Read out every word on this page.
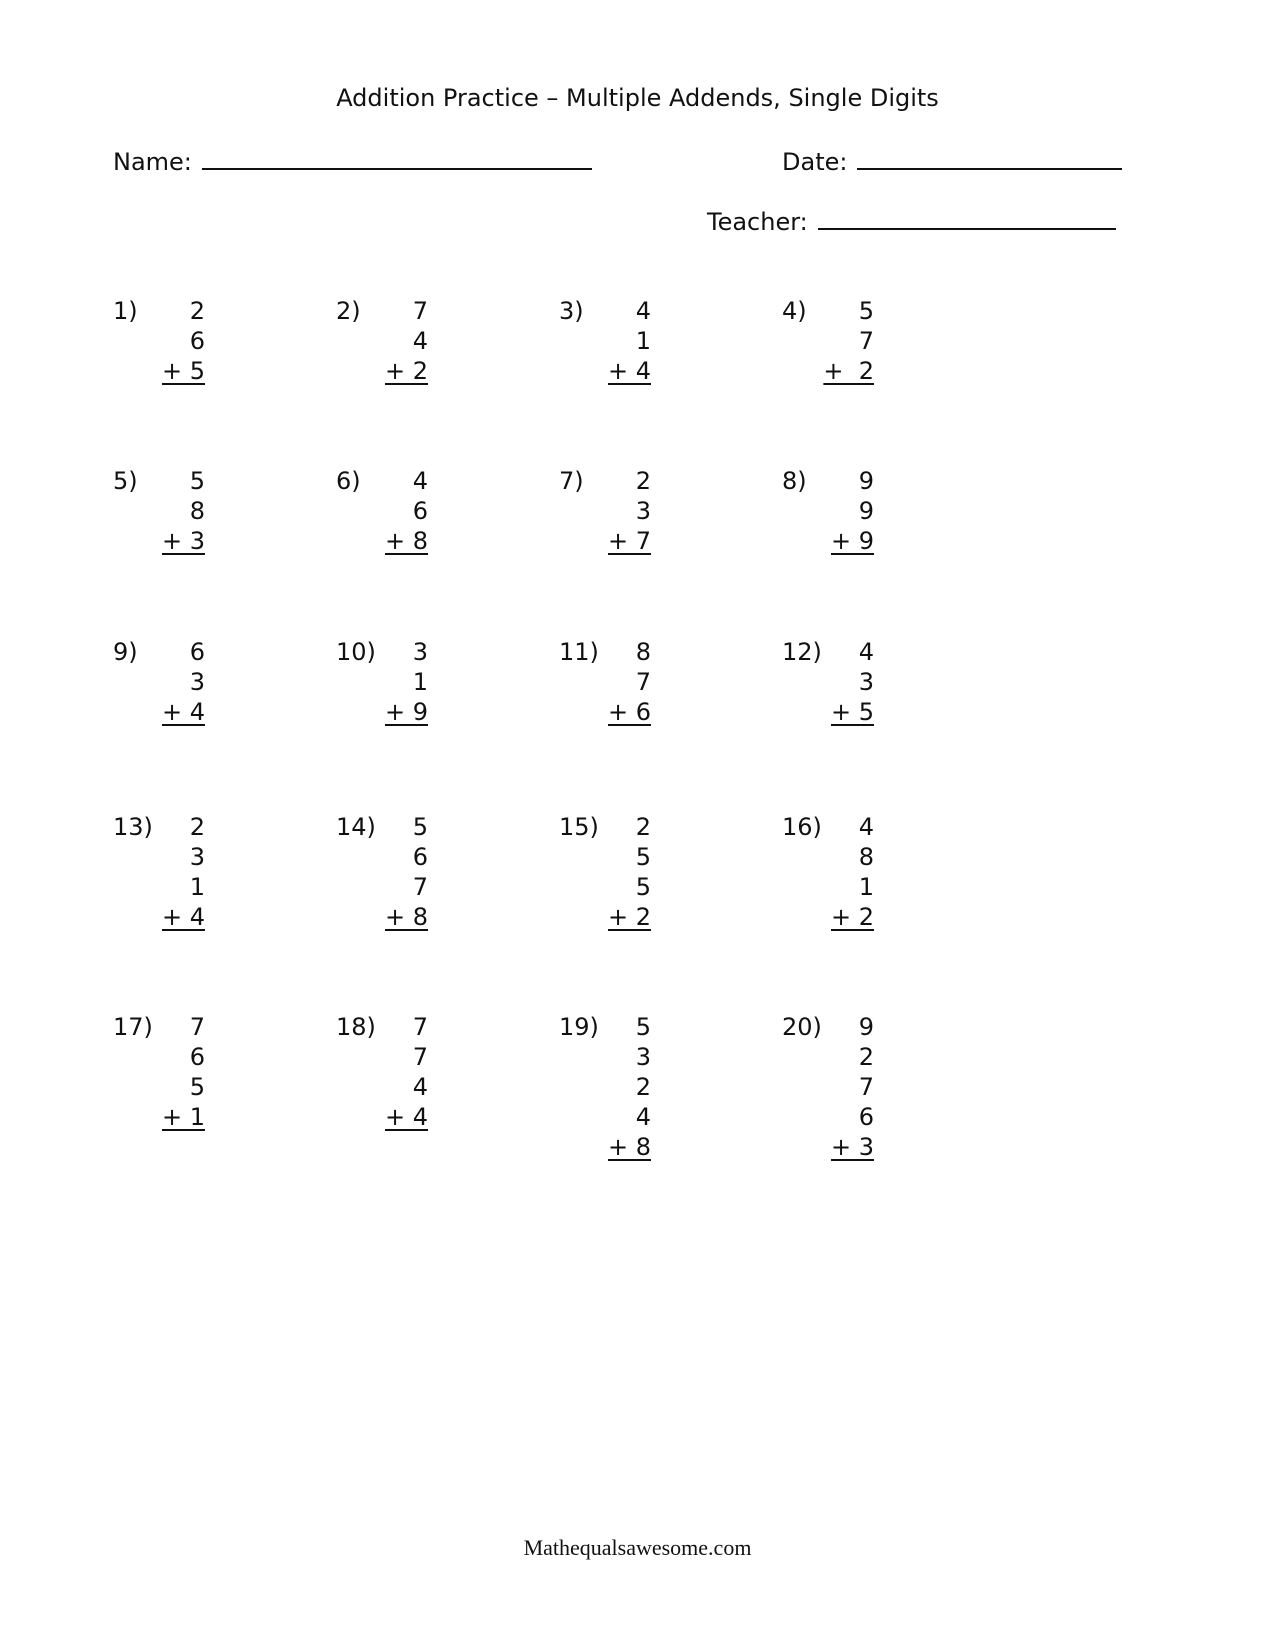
Addition Practice – Multiple Addends, Single Digits
Name:	Date:
Teacher:
1)	2
6
+ 5
2)	7
4
+ 2
3)	4
1
+ 4
4)	5
7
+  2
5)	5
8
+ 3
6)	4
6
+ 8
7)	2
3
+ 7
8)	9
9
+ 9
9)	6
3
+ 4
10)	3
1
+ 9
11)	8
7
+ 6
12)	4
3
+ 5
13)	2
3
1
+ 4
14)	5
6
7
+ 8
15)	2
5
5
+ 2
16)	4
8
1
+ 2
17)	7
6
5
+ 1
18)	7
7
4
+ 4
19)	5
3
2
4
+ 8
20)	9
2
7
6
+ 3
Mathequalsawesome.com
